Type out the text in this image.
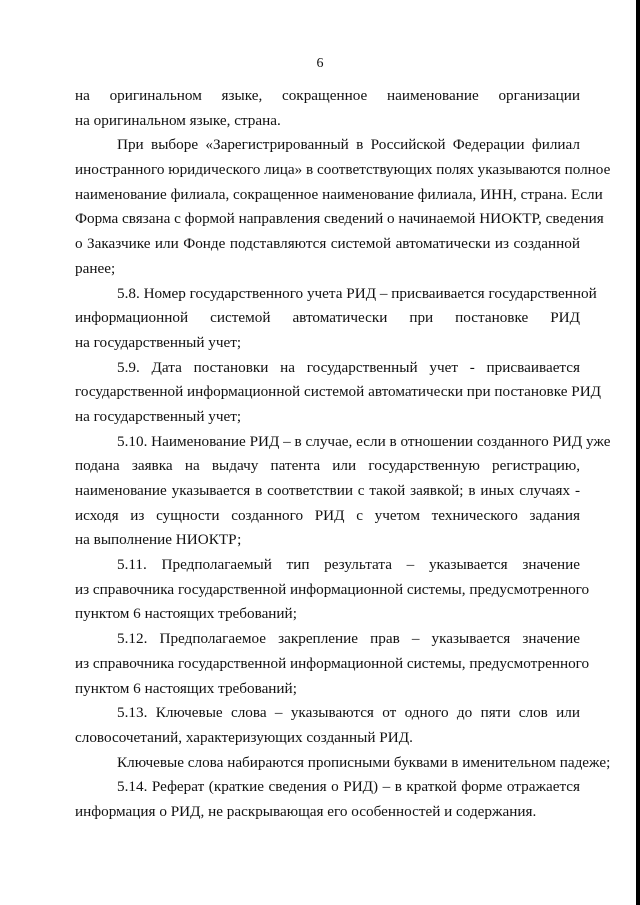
6
на оригинальном языке, сокращенное наименование организации
на оригинальном языке, страна.
При выборе «Зарегистрированный в Российской Федерации филиал
иностранного юридического лица» в соответствующих полях указываются полное
наименование филиала, сокращенное наименование филиала, ИНН, страна. Если
Форма связана с формой направления сведений о начинаемой НИОКТР, сведения
о Заказчике или Фонде подставляются системой автоматически из созданной
ранее;
5.8. Номер государственного учета РИД – присваивается государственной
информационной системой автоматически при постановке РИД
на государственный учет;
5.9. Дата постановки на государственный учет - присваивается
государственной информационной системой автоматически при постановке РИД
на государственный учет;
5.10. Наименование РИД – в случае, если в отношении созданного РИД уже
подана заявка на выдачу патента или государственную регистрацию,
наименование указывается в соответствии с такой заявкой; в иных случаях -
исходя из сущности созданного РИД с учетом технического задания
на выполнение НИОКТР;
5.11. Предполагаемый тип результата – указывается значение
из справочника государственной информационной системы, предусмотренного
пунктом 6 настоящих требований;
5.12. Предполагаемое закрепление прав – указывается значение
из справочника государственной информационной системы, предусмотренного
пунктом 6 настоящих требований;
5.13. Ключевые слова – указываются от одного до пяти слов или
словосочетаний, характеризующих созданный РИД.
Ключевые слова набираются прописными буквами в именительном падеже;
5.14. Реферат (краткие сведения о РИД) – в краткой форме отражается
информация о РИД, не раскрывающая его особенностей и содержания.
